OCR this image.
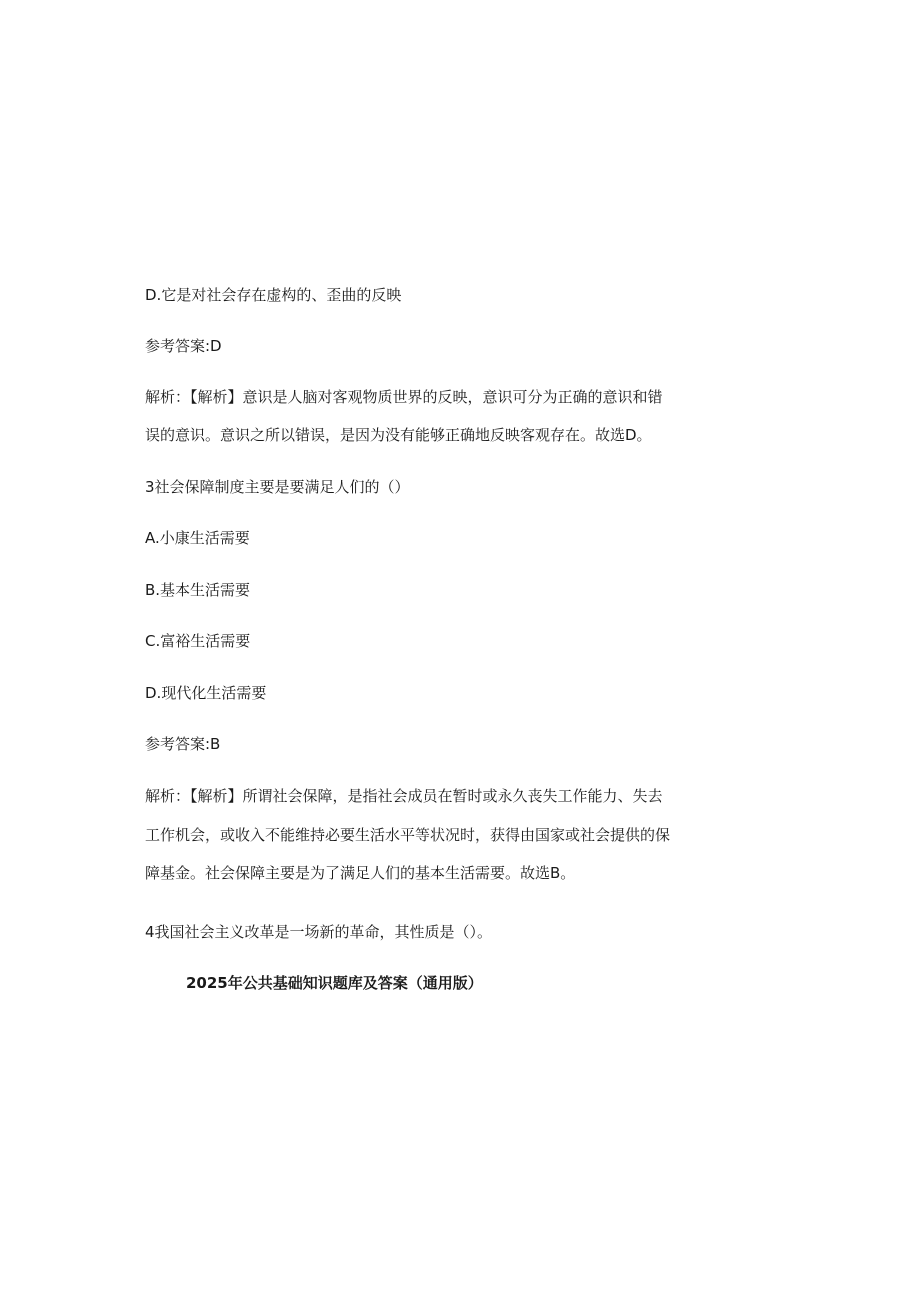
D.它是对社会存在虚构的、歪曲的反映
参考答案:D
解析：【解析】意识是人脑对客观物质世界的反映，意识可分为正确的意识和错
误的意识。意识之所以错误，是因为没有能够正确地反映客观存在。故选D。
3社会保障制度主要是要满足人们的（）
A.小康生活需要
B.基本生活需要
C.富裕生活需要
D.现代化生活需要
参考答案:B
解析：【解析】所谓社会保障，是指社会成员在暂时或永久丧失工作能力、失去
工作机会，或收入不能维持必要生活水平等状况时，获得由国家或社会提供的保
障基金。社会保障主要是为了满足人们的基本生活需要。故选B。
4我国社会主义改革是一场新的革命，其性质是（）。
2025年公共基础知识题库及答案（通用版）
